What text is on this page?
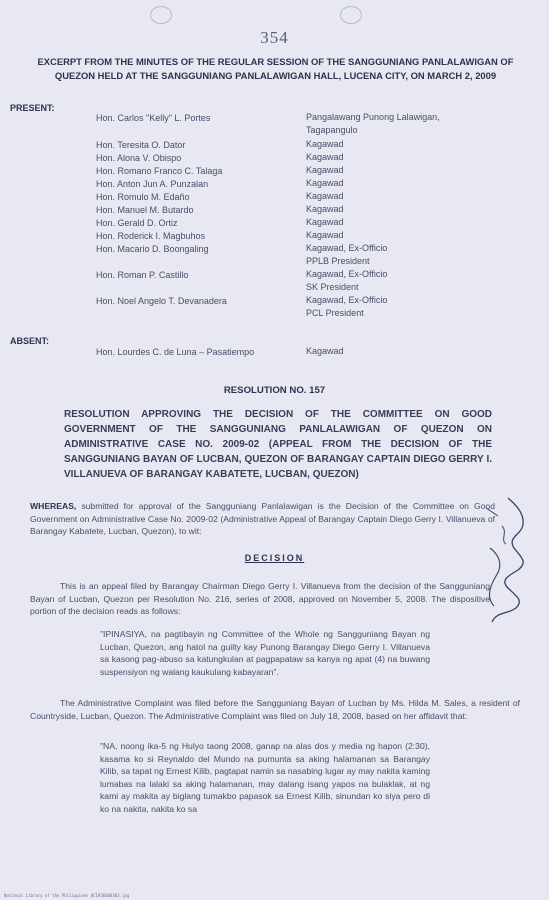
354
EXCERPT FROM THE MINUTES OF THE REGULAR SESSION OF THE SANGGUNIANG PANLALAWIGAN OF
QUEZON HELD AT THE SANGGUNIANG PANLALAWIGAN HALL, LUCENA CITY, ON MARCH 2, 2009
PRESENT:
Hon. Carlos "Kelly" L. Portes	Pangalawang Punong Lalawigan,
Tagapangulo
Hon. Teresita O. Dator	Kagawad
Hon. Alona V. Obispo	Kagawad
Hon. Romano Franco C. Talaga	Kagawad
Hon. Anton Jun A. Punzalan	Kagawad
Hon. Romulo M. Edaño	Kagawad
Hon. Manuel M. Butardo	Kagawad
Hon. Gerald D. Ortiz	Kagawad
Hon. Roderick I. Magbuhos	Kagawad
Hon. Macario D. Boongaling	Kagawad, Ex-Officio
PPLB President
Hon. Roman P. Castillo	Kagawad, Ex-Officio
SK President
Hon. Noel Angelo T. Devanadera	Kagawad, Ex-Officio
PCL President
ABSENT:
Hon. Lourdes C. de Luna – Pasatiempo	Kagawad
RESOLUTION NO. 157
RESOLUTION APPROVING THE DECISION OF THE COMMITTEE ON GOOD GOVERNMENT OF THE SANGGUNIANG PANLALAWIGAN OF QUEZON ON ADMINISTRATIVE CASE NO. 2009-02 (APPEAL FROM THE DECISION OF THE SANGGUNIANG BAYAN OF LUCBAN, QUEZON OF BARANGAY CAPTAIN DIEGO GERRY I. VILLANUEVA OF BARANGAY KABATETE, LUCBAN, QUEZON)
WHEREAS, submitted for approval of the Sangguniang Panlalawigan is the Decision of the Committee on Good Government on Administrative Case No. 2009-02 (Administrative Appeal of Barangay Captain Diego Gerry I. Villanueva of Barangay Kabatete, Lucban, Quezon), to wit:
DECISION
This is an appeal filed by Barangay Chairman Diego Gerry I. Villanueva from the decision of the Sangguniang Bayan of Lucban, Quezon per Resolution No. 216, series of 2008, approved on November 5, 2008. The dispositive portion of the decision reads as follows:
"IPINASIYA, na pagtibayin ng Committee of the Whole ng Sangguniang Bayan ng Lucban, Quezon, ang hatol na guilty kay Punong Barangay Diego Gerry I. Villanueva sa kasong pag-abuso sa katungkulan at pagpapataw sa kanya ng apat (4) na buwang suspensiyon ng walang kaukulang kabayaran".
The Administrative Complaint was filed before the Sangguniang Bayan of Lucban by Ms. Hilda M. Sales, a resident of Countryside, Lucban, Quezon. The Administrative Complaint was filed on July 18, 2008, based on her affidavit that:
"NA, noong ika-5 ng Hulyo taong 2008, ganap na alas dos y media ng hapon (2:30), kasama ko si Reynaldo del Mundo na pumunta sa aking halamanan sa Barangay Kilib, sa tapat ng Ernest Kilib, pagtapat namin sa nasabing lugar ay may nakita kaming lumabas na lalaki sa aking halamanan, may dalang isang yapos na bulaklak, at ng kami ay makita ay biglang tumakbo papasok sa Ernest Kilib, sinundan ko siya pero di ko na nakita, nakita ko sa
National Library of the Philippines QC1930300363.jpg
